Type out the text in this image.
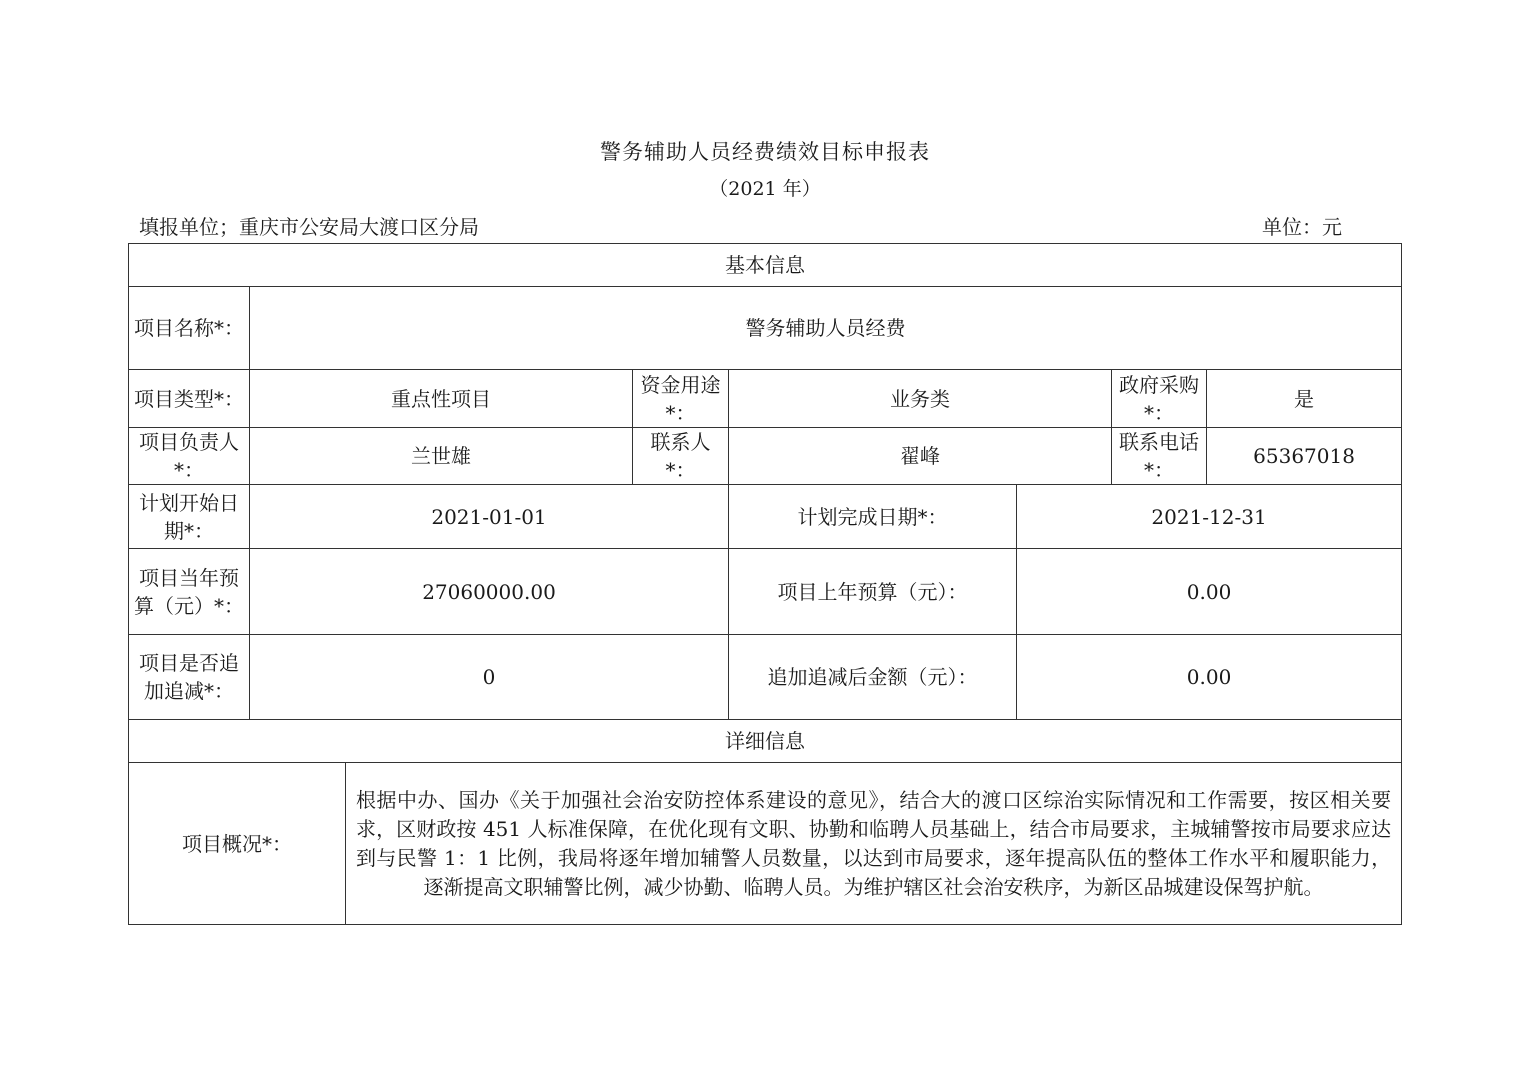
警务辅助人员经费绩效目标申报表
（2021 年）
填报单位；重庆市公安局大渡口区分局	单位：元
基本信息							
项目名称*：	警务辅助人员经费						
项目类型*：	重点性项目		资金用途*：	业务类		政府采购*：	是
项目负责人*：	兰世雄		联系人*：	翟峰		联系电话*：	65367018
计划开始日期*：	2021-01-01			计划完成日期*：	2021-12-31		
项目当年预算（元）*：	27060000.00			项目上年预算（元）：	0.00		
项目是否追加追减*：	0			追加追减后金额（元）：	0.00		
详细信息							
项目概况*：		根据中办、国办《关于加强社会治安防控体系建设的意见》，结合大的渡口区综治实际情况和工作需要，按区相关要求，区财政按 451 人标准保障，在优化现有文职、协勤和临聘人员基础上，结合市局要求，主城辅警按市局要求应达到与民警 1：1 比例，我局将逐年增加辅警人员数量，以达到市局要求，逐年提高队伍的整体工作水平和履职能力，逐渐提高文职辅警比例，减少协勤、临聘人员。为维护辖区社会治安秩序，为新区品城建设保驾护航。					
